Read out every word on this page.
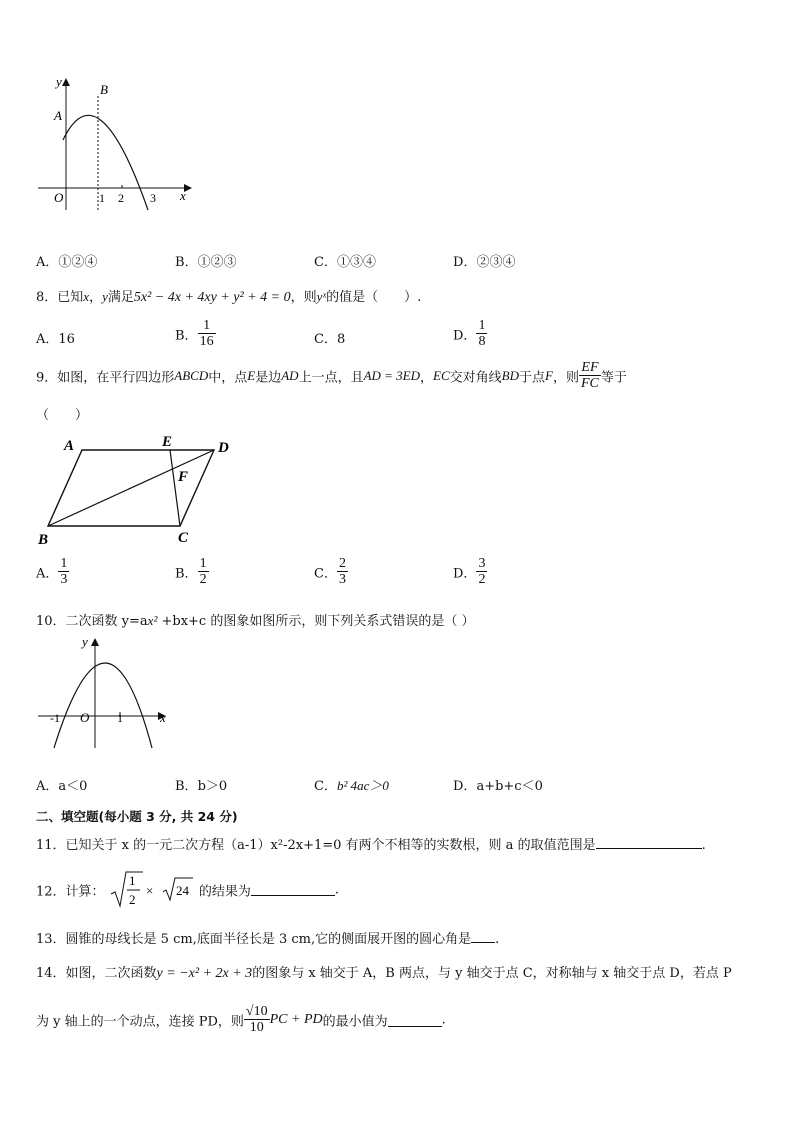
y
x
O
A
B
1 2 3
A．①②④	B．①②③	C．①③④	D．②③④
8．已知x，y满足5x² − 4x + 4xy + y² + 4 = 0，则yˣ的值是（　　）.
A．16	B． $\frac{1}{16}$	C．8	D． $\frac{1}{8}$
9．如图，在平行四边形ABCD中，点E是边AD上一点，且AD = 3ED，EC交对角线BD于点F，则 $\frac{EF}{FC}$ 等于
（　　）
A	E	D
F
B	C
A． $\frac{1}{3}$	B． $\frac{1}{2}$	C． $\frac{2}{3}$	D． $\frac{3}{2}$
10．二次函数 y=ax² +bx+c 的图象如图所示，则下列关系式错误的是（ ）
y
x
O
-1	1
A．a＜0	B．b＞0	C．b² 4ac＞0	D．a+b+c＜0
二、填空题(每小题 3 分, 共 24 分)
11．已知关于 x 的一元二次方程（a-1）x²-2x+1=0 有两个不相等的实数根，则 a 的取值范围是	.
12．计算：
1
2
× 24 的结果为	.
13．圆锥的母线长是 5 cm,底面半径长是 3 cm,它的侧面展开图的圆心角是 .
14．如图，二次函数y = −x² + 2x + 3的图象与 x 轴交于 A，B 两点，与 y 轴交于点 C，对称轴与 x 轴交于点 D，若点 P
为 y 轴上的一个动点，连接 PD，则 $\frac{√10}{10}$ PC + PD的最小值为	.
